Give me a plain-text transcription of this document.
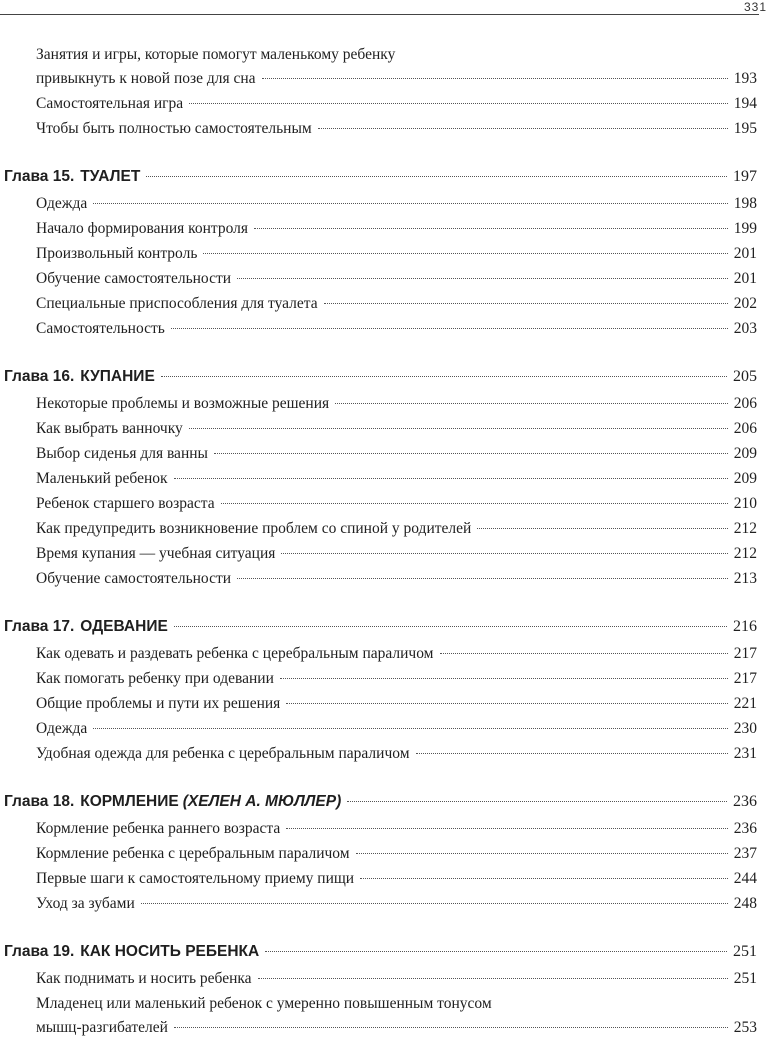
331
Занятия и игры, которые помогут маленькому ребенку
привыкнуть к новой позе для сна	193
Самостоятельная игра	194
Чтобы быть полностью самостоятельным	195
Глава 15. ТУАЛЕТ	197
Одежда	198
Начало формирования контроля	199
Произвольный контроль	201
Обучение самостоятельности	201
Специальные приспособления для туалета	202
Самостоятельность	203
Глава 16. КУПАНИЕ	205
Некоторые проблемы и возможные решения	206
Как выбрать ванночку	206
Выбор сиденья для ванны	209
Маленький ребенок	209
Ребенок старшего возраста	210
Как предупредить возникновение проблем со спиной у родителей	212
Время купания — учебная ситуация	212
Обучение самостоятельности	213
Глава 17. ОДЕВАНИЕ	216
Как одевать и раздевать ребенка с церебральным параличом	217
Как помогать ребенку при одевании	217
Общие проблемы и пути их решения	221
Одежда	230
Удобная одежда для ребенка с церебральным параличом	231
Глава 18. КОРМЛЕНИЕ (ХЕЛЕН А. МЮЛЛЕР)	236
Кормление ребенка раннего возраста	236
Кормление ребенка с церебральным параличом	237
Первые шаги к самостоятельному приему пищи	244
Уход за зубами	248
Глава 19. КАК НОСИТЬ РЕБЕНКА	251
Как поднимать и носить ребенка	251
Младенец или маленький ребенок с умеренно повышенным тонусом
мышц-разгибателей	253
